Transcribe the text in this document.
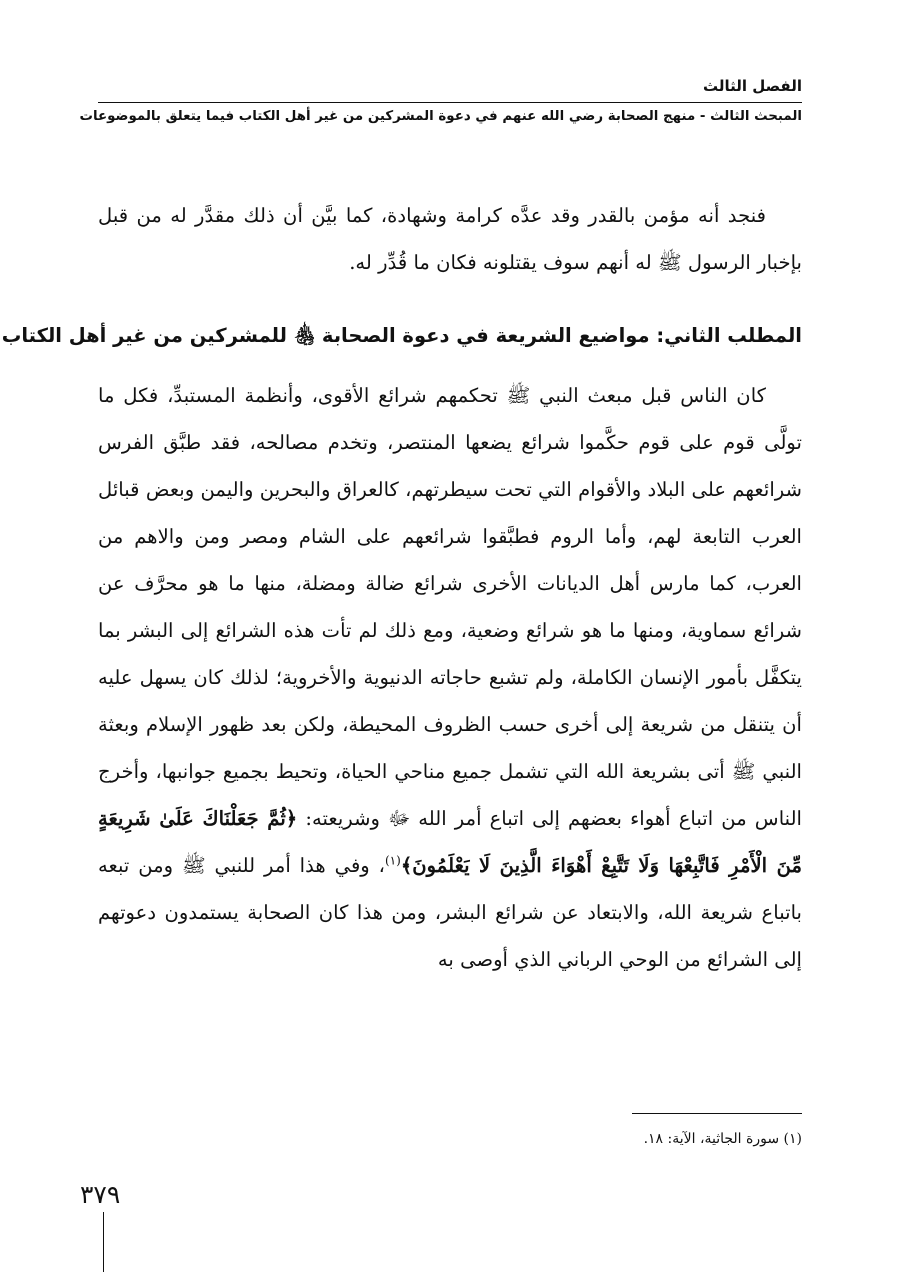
الفصل الثالث
المبحث الثالث - منهج الصحابة رضي الله عنهم في دعوة المشركين من غير أهل الكتاب فيما يتعلق بالموضوعات

فنجد أنه مؤمن بالقدر وقد عدَّه كرامة وشهادة، كما بيَّن أن ذلك مقدَّر له من قبل بإخبار الرسول ﷺ له أنهم سوف يقتلونه فكان ما قُدِّر له.

المطلب الثاني: مواضيع الشريعة في دعوة الصحابة ﵃ للمشركين من غير أهل الكتاب

كان الناس قبل مبعث النبي ﷺ تحكمهم شرائع الأقوى، وأنظمة المستبدِّ، فكل ما تولَّى قوم على قوم حكَّموا شرائع يضعها المنتصر، وتخدم مصالحه، فقد طبَّق الفرس شرائعهم على البلاد والأقوام التي تحت سيطرتهم، كالعراق والبحرين واليمن وبعض قبائل العرب التابعة لهم، وأما الروم فطبَّقوا شرائعهم على الشام ومصر ومن والاهم من العرب، كما مارس أهل الديانات الأخرى شرائع ضالة ومضلة، منها ما هو محرَّف عن شرائع سماوية، ومنها ما هو شرائع وضعية، ومع ذلك لم تأت هذه الشرائع إلى البشر بما يتكفَّل بأمور الإنسان الكاملة، ولم تشبع حاجاته الدنيوية والأخروية؛ لذلك كان يسهل عليه أن يتنقل من شريعة إلى أخرى حسب الظروف المحيطة، ولكن بعد ظهور الإسلام وبعثة النبي ﷺ أتى بشريعة الله التي تشمل جميع مناحي الحياة، وتحيط بجميع جوانبها، وأخرج الناس من اتباع أهواء بعضهم إلى اتباع أمر الله ﷻ وشريعته: ﴿ثُمَّ جَعَلْنَاكَ عَلَىٰ شَرِيعَةٍ مِّنَ الْأَمْرِ فَاتَّبِعْهَا وَلَا تَتَّبِعْ أَهْوَاءَ الَّذِينَ لَا يَعْلَمُونَ﴾$^{(١)}$، وفي هذا أمر للنبي ﷺ ومن تبعه باتباع شريعة الله، والابتعاد عن شرائع البشر، ومن هذا كان الصحابة يستمدون دعوتهم إلى الشرائع من الوحي الرباني الذي أوصى به

(١) سورة الجاثية، الآية: ١٨.
٣٧٩
